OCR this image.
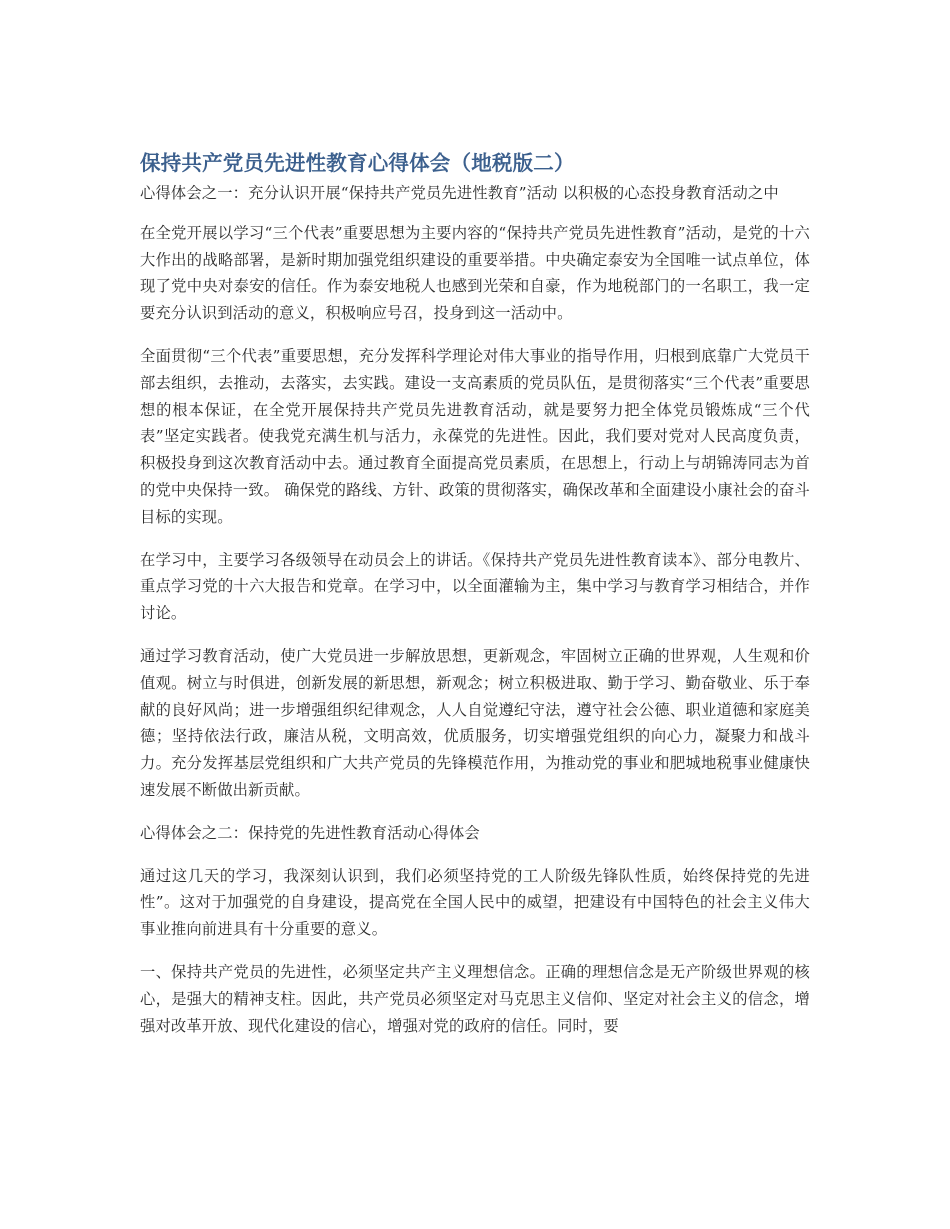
保持共产党员先进性教育心得体会（地税版二）

心得体会之一：充分认识开展“保持共产党员先进性教育”活动 以积极的心态投身教育活动之中

在全党开展以学习“三个代表”重要思想为主要内容的“保持共产党员先进性教育”活动，是党的十六大作出的战略部署，是新时期加强党组织建设的重要举措。中央确定泰安为全国唯一试点单位，体现了党中央对泰安的信任。作为泰安地税人也感到光荣和自豪，作为地税部门的一名职工，我一定要充分认识到活动的意义，积极响应号召，投身到这一活动中。

全面贯彻“三个代表”重要思想，充分发挥科学理论对伟大事业的指导作用，归根到底靠广大党员干部去组织，去推动，去落实，去实践。建设一支高素质的党员队伍，是贯彻落实“三个代表”重要思想的根本保证，在全党开展保持共产党员先进教育活动，就是要努力把全体党员锻炼成“三个代表”坚定实践者。使我党充满生机与活力，永葆党的先进性。因此，我们要对党对人民高度负责，积极投身到这次教育活动中去。通过教育全面提高党员素质，在思想上，行动上与胡锦涛同志为首的党中央保持一致。 确保党的路线、方针、政策的贯彻落实，确保改革和全面建设小康社会的奋斗目标的实现。

在学习中，主要学习各级领导在动员会上的讲话。《保持共产党员先进性教育读本》、部分电教片、重点学习党的十六大报告和党章。在学习中，以全面灌输为主，集中学习与教育学习相结合，并作讨论。

通过学习教育活动，使广大党员进一步解放思想，更新观念，牢固树立正确的世界观，人生观和价值观。树立与时俱进，创新发展的新思想，新观念；树立积极进取、勤于学习、勤奋敬业、乐于奉献的良好风尚；进一步增强组织纪律观念，人人自觉遵纪守法，遵守社会公德、职业道德和家庭美德；坚持依法行政，廉洁从税，文明高效，优质服务，切实增强党组织的向心力，凝聚力和战斗力。充分发挥基层党组织和广大共产党员的先锋模范作用，为推动党的事业和肥城地税事业健康快速发展不断做出新贡献。

心得体会之二：保持党的先进性教育活动心得体会

通过这几天的学习，我深刻认识到，我们必须坚持党的工人阶级先锋队性质，始终保持党的先进性”。这对于加强党的自身建设，提高党在全国人民中的威望，把建设有中国特色的社会主义伟大事业推向前进具有十分重要的意义。

一、保持共产党员的先进性，必须坚定共产主义理想信念。正确的理想信念是无产阶级世界观的核心，是强大的精神支柱。因此，共产党员必须坚定对马克思主义信仰、坚定对社会主义的信念，增强对改革开放、现代化建设的信心，增强对党的政府的信任。同时，要
